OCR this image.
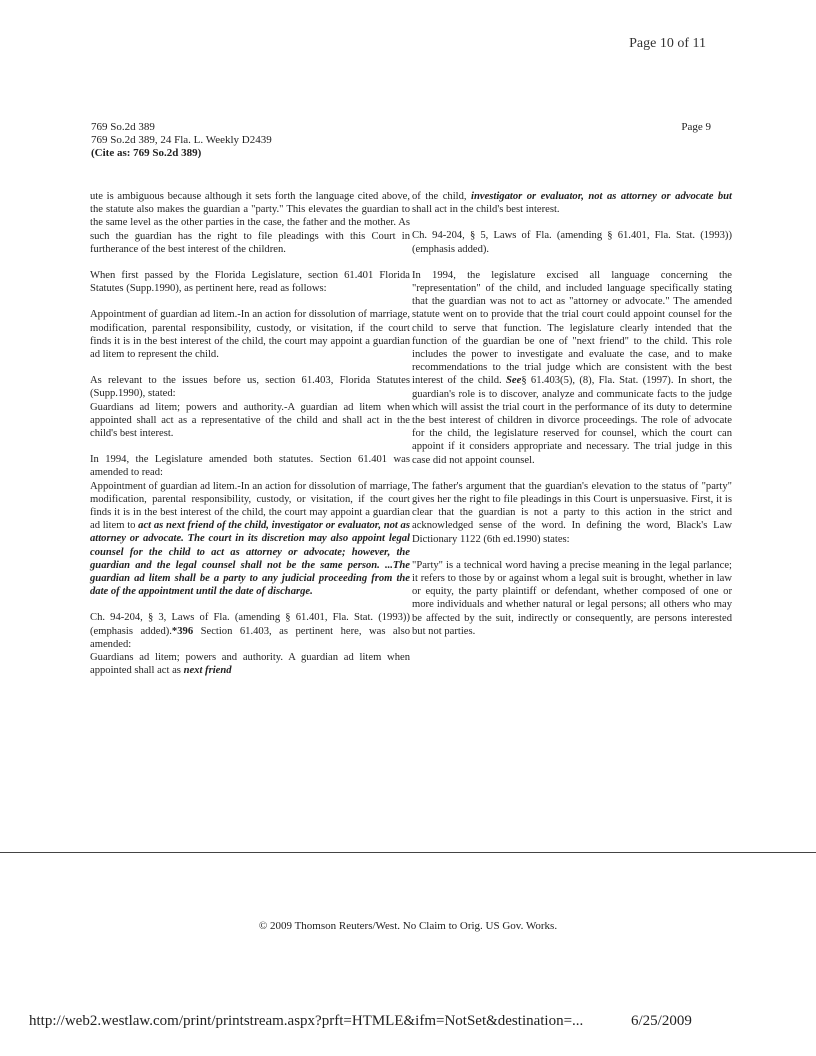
Page 10 of 11
769 So.2d 389
769 So.2d 389, 24 Fla. L. Weekly D2439
(Cite as: 769 So.2d 389)
Page 9

ute is ambiguous because although it sets forth the language cited above, the statute also makes the guardian a "party." This elevates the guardian to the same level as the other parties in the case, the father and the mother. As such the guardian has the right to file pleadings with this Court in furtherance of the best interest of the children.

When first passed by the Florida Legislature, section 61.401 Florida Statutes (Supp.1990), as pertinent here, read as follows:

Appointment of guardian ad litem.-In an action for dissolution of marriage, modification, parental responsibility, custody, or visitation, if the court finds it is in the best interest of the child, the court may appoint a guardian ad litem to represent the child.

As relevant to the issues before us, section 61.403, Florida Statutes (Supp.1990), stated:

Guardians ad litem; powers and authority.-A guardian ad litem when appointed shall act as a representative of the child and shall act in the child's best interest.

In 1994, the Legislature amended both statutes. Section 61.401 was amended to read:

Appointment of guardian ad litem.-In an action for dissolution of marriage, modification, parental responsibility, custody, or visitation, if the court finds it is in the best interest of the child, the court may appoint a guardian ad litem to act as next friend of the child, investigator or evaluator, not as attorney or advocate. The court in its discretion may also appoint legal counsel for the child to act as attorney or advocate; however, the guardian and the legal counsel shall not be the same person. ...The guardian ad litem shall be a party to any judicial proceeding from the date of the appointment until the date of discharge.

Ch. 94-204, § 3, Laws of Fla. (amending § 61.401, Fla. Stat. (1993))(emphasis added).*396 Section 61.403, as pertinent here, was also amended:

Guardians ad litem; powers and authority. A guardian ad litem when appointed shall act as next friend

of the child, investigator or evaluator, not as attorney or advocate but shall act in the child's best interest.

Ch. 94-204, § 5, Laws of Fla. (amending § 61.401, Fla. Stat. (1993)) (emphasis added).

In 1994, the legislature excised all language concerning the "representation" of the child, and included language specifically stating that the guardian was not to act as "attorney or advocate." The amended statute went on to provide that the trial court could appoint counsel for the child to serve that function. The legislature clearly intended that the function of the guardian be one of "next friend" to the child. This role includes the power to investigate and evaluate the case, and to make recommendations to the trial judge which are consistent with the best interest of the child. See§ 61.403(5), (8), Fla. Stat. (1997). In short, the guardian's role is to discover, analyze and communicate facts to the judge which will assist the trial court in the performance of its duty to determine the best interest of children in divorce proceedings. The role of advocate for the child, the legislature reserved for counsel, which the court can appoint if it considers appropriate and necessary. The trial judge in this case did not appoint counsel.

The father's argument that the guardian's elevation to the status of "party" gives her the right to file pleadings in this Court is unpersuasive. First, it is clear that the guardian is not a party to this action in the strict and acknowledged sense of the word. In defining the word, Black's Law Dictionary 1122 (6th ed.1990) states:

"Party" is a technical word having a precise meaning in the legal parlance; it refers to those by or against whom a legal suit is brought, whether in law or equity, the party plaintiff or defendant, whether composed of one or more individuals and whether natural or legal persons; all others who may be affected by the suit, indirectly or consequently, are persons interested but not parties.

© 2009 Thomson Reuters/West. No Claim to Orig. US Gov. Works.
http://web2.westlaw.com/print/printstream.aspx?prft=HTMLE&ifm=NotSet&destination=...	6/25/2009
